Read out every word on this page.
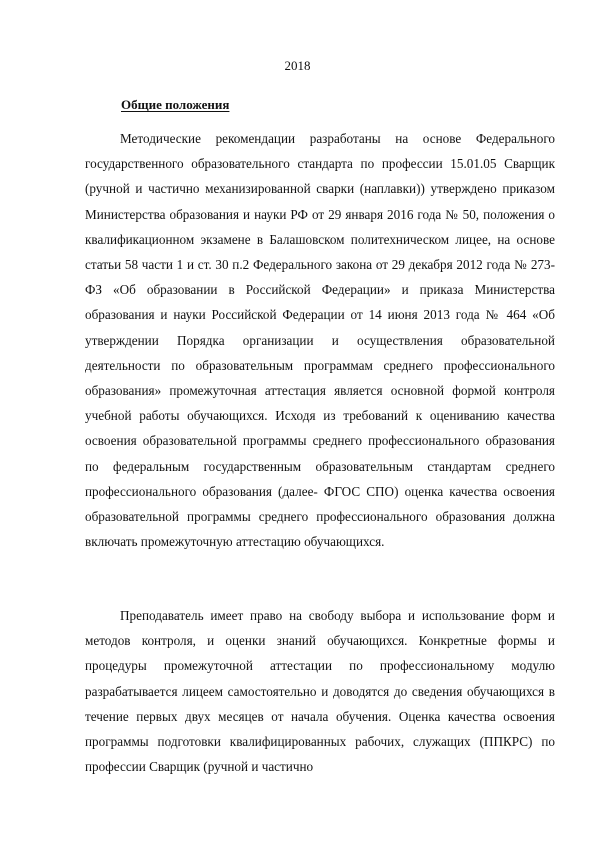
2018
Общие положения

Методические рекомендации разработаны на основе Федерального государственного образовательного стандарта по профессии 15.01.05 Сварщик (ручной и частично механизированной сварки (наплавки)) утверждено приказом Министерства образования и науки РФ от 29 января 2016 года № 50, положения о квалификационном экзамене в Балашовском политехническом лицее, на основе статьи 58 части 1 и ст. 30 п.2 Федерального закона от 29 декабря 2012 года № 273-ФЗ «Об образовании в Российской Федерации» и приказа Министерства образования и науки Российской Федерации от 14 июня 2013 года № 464 «Об утверждении Порядка организации и осуществления образовательной деятельности по образовательным программам среднего профессионального образования» промежуточная аттестация является основной формой контроля учебной работы обучающихся. Исходя из требований к оцениванию качества освоения образовательной программы среднего профессионального образования по федеральным государственным образовательным стандартам среднего профессионального образования (далее- ФГОС СПО) оценка качества освоения образовательной программы среднего профессионального образования должна включать промежуточную аттестацию обучающихся.

Преподаватель имеет право на свободу выбора и использование форм и методов контроля, и оценки знаний обучающихся. Конкретные формы и процедуры промежуточной аттестации по профессиональному модулю разрабатывается лицеем самостоятельно и доводятся до сведения обучающихся в течение первых двух месяцев от начала обучения. Оценка качества освоения программы подготовки квалифицированных рабочих, служащих (ППКРС) по профессии Сварщик (ручной и частично
